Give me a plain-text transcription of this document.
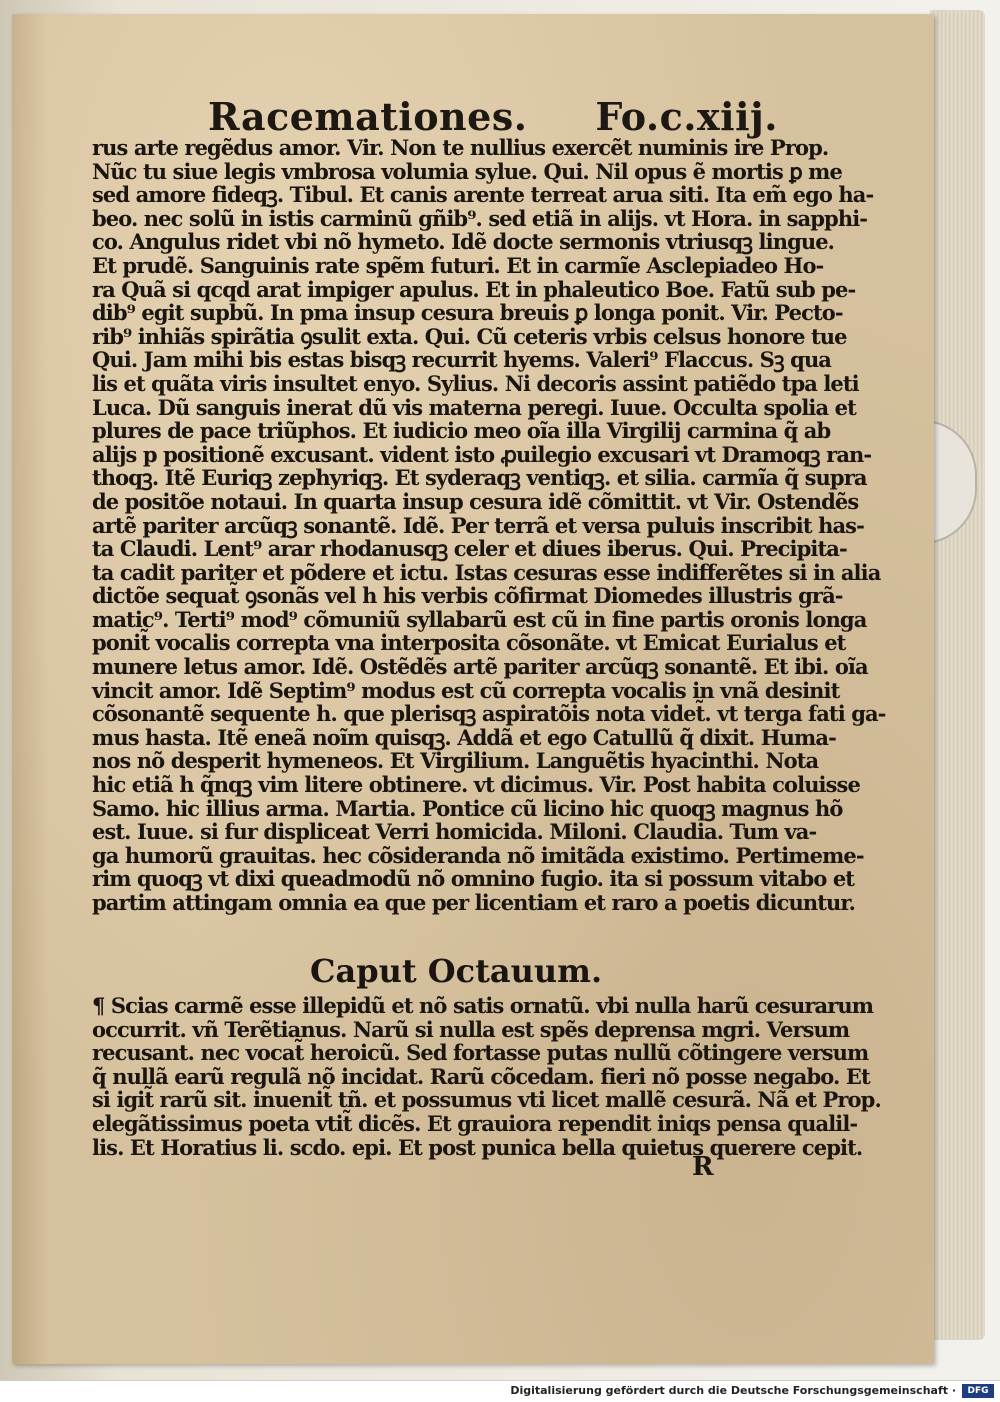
Racemationes. Fo.c.xiij.
rus arte regẽdus amor. Vir. Non te nullius exercẽt numinis ire Prop.
Nũc tu siue legis vmbrosa volumia sylue. Qui. Nil opus ẽ mortis ꝑ me
sed amore fideqꝫ. Tibul. Et canis arente terreat arua siti. Ita em̃ ego ha-
beo. nec solũ in istis carminũ gñib⁹. sed etiã in alijs. vt Hora. in sapphi-
co. Angulus ridet vbi nõ hymeto. Idẽ docte sermonis vtriusqꝫ lingue.
Et prudẽ. Sanguinis rate spẽm futuri. Et in carmĩe Asclepiadeo Ho-
ra Quã si qcqd arat impiger apulus. Et in phaleutico Boe. Fatũ sub pe-
dib⁹ egit supbũ. In pma insup cesura breuis ꝑ longa ponit. Vir. Pecto-
rib⁹ inhiãs spirãtia ꝯsulit exta. Qui. Cũ ceteris vrbis celsus honore tue
Qui. Jam mihi bis estas bisqꝫ recurrit hyems. Valeri⁹ Flaccus. Sꝫ qua
lis et quãta viris insultet enyo. Sylius. Ni decoris assint patiẽdo tpa leti
Luca. Dũ sanguis inerat dũ vis materna peregi. Iuue. Occulta spolia et
plures de pace triũphos. Et iudicio meo oĩa illa Virgilij carmina q̃ ab
alijs p positionẽ excusant. vident isto ꝓuilegio excusari vt Dramoqꝫ ran-
thoqꝫ. Itẽ Euriqꝫ zephyriqꝫ. Et syderaqꝫ ventiqꝫ. et silia. carmĩa q̃ supra
de positõe notaui. In quarta insup cesura idẽ cõmittit. vt Vir. Ostendẽs
artẽ pariter arcũqꝫ sonantẽ. Idẽ. Per terrã et versa puluis inscribit has-
ta Claudi. Lent⁹ arar rhodanusqꝫ celer et diues iberus. Qui. Precipita-
ta cadit pariter et põdere et ictu. Istas cesuras esse indifferẽtes si in alia
dictõe sequat̃ ꝯsonãs vel h his verbis cõfirmat Diomedes illustris grã-
matic⁹. Terti⁹ mod⁹ cõmuniũ syllabarũ est cũ in fine partis oronis longa
ponit̃ vocalis correpta vna interposita cõsonãte. vt Emicat Eurialus et
munere letus amor. Idẽ. Ostẽdẽs artẽ pariter arcũqꝫ sonantẽ. Et ibi. oĩa
vincit amor. Idẽ Septim⁹ modus est cũ correpta vocalis in vnã desinit
cõsonantẽ sequente h. que plerisqꝫ aspiratõis nota videt̃. vt terga fati ga-
mus hasta. Itẽ eneã noĩm quisqꝫ. Addã et ego Catullũ q̃ dixit. Huma-
nos nõ desperit hymeneos. Et Virgilium. Languẽtis hyacinthi. Nota
hic etiã h q̃nqꝫ vim litere obtinere. vt dicimus. Vir. Post habita coluisse
Samo. hic illius arma. Martia. Pontice cũ licino hic quoqꝫ magnus hõ
est. Iuue. si fur displiceat Verri homicida. Miloni. Claudia. Tum va-
ga humorũ grauitas. hec cõsideranda nõ imitãda existimo. Pertimeme-
rim quoqꝫ vt dixi queadmodũ nõ omnino fugio. ita si possum vitabo et
partim attingam omnia ea que per licentiam et raro a poetis dicuntur.
Caput Octauum.
¶ Scias carmẽ esse illepidũ et nõ satis ornatũ. vbi nulla harũ cesurarum
occurrit. vñ Terẽtianus. Narũ si nulla est spẽs deprensa mgri. Versum
recusant. nec vocat̃ heroicũ. Sed fortasse putas nullũ cõtingere versum
q̃ nullã earũ regulã nõ incidat. Rarũ cõcedam. fieri nõ posse negabo. Et
si igit̃ rarũ sit. inuenit̃ tñ. et possumus vti licet mallẽ cesurã. Nã et Prop.
elegãtissimus poeta vtit̃ dicẽs. Et grauiora rependit iniqs pensa qualil-
lis. Et Horatius li. scdo. epi. Et post punica bella quietus querere cepit.
R
Digitalisierung gefördert durch die Deutsche Forschungsgemeinschaft ·	DFG
